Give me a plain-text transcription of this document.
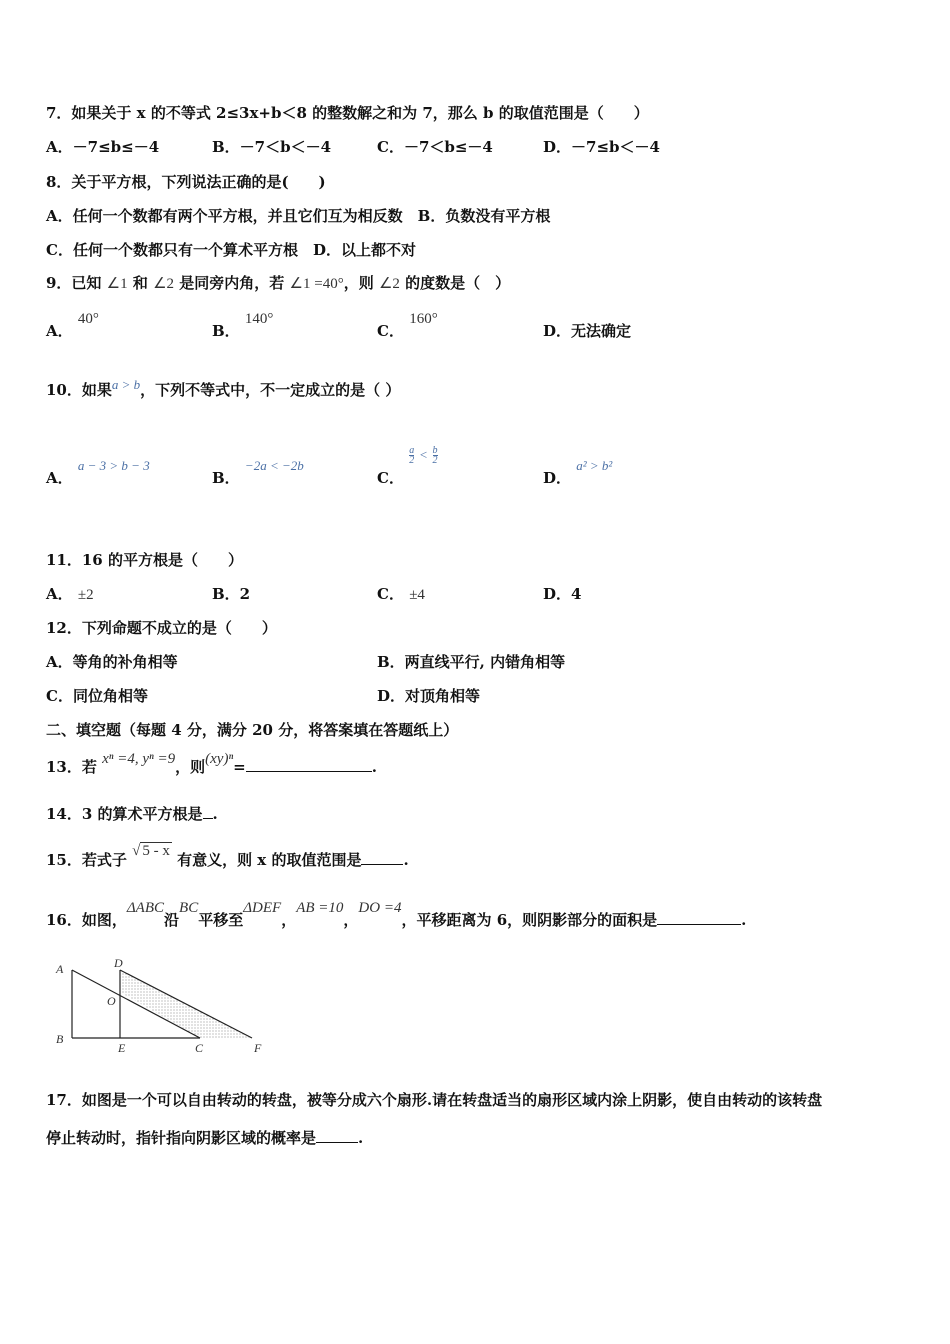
7．如果关于 x 的不等式 2≤3x+b＜8 的整数解之和为 7，那么 b 的取值范围是（　　）
A．－7≤b≤－4	B．－7＜b＜－4	C．－7＜b≤－4	D．－7≤b＜－4
8．关于平方根，下列说法正确的是(　　)
A．任何一个数都有两个平方根，并且它们互为相反数　B．负数没有平方根
C．任何一个数都只有一个算术平方根　D．以上都不对
9．已知 ∠1 和 ∠2 是同旁内角，若 ∠1 =40°，则 ∠2 的度数是（　）
A． 40°
B． 140°
C． 160°
D．无法确定
10．如果a > b，下列不等式中，不一定成立的是（ ）
A． a − 3 > b − 3
B． −2a < −2b
C．
$\frac{a}{2} < \frac{b}{2}$
D． a² > b²
11．16 的平方根是（　　）
A． ±2	B．2	C． ±4	D．4
12．下列命题不成立的是（　　）
A．等角的补角相等	B．两直线平行, 内错角相等
C．同位角相等	D．对顶角相等
二、填空题（每题 4 分，满分 20 分，将答案填在答题纸上）
13．若 xⁿ =4, yⁿ =9，则(xy)ⁿ=	.
14．3 的算术平方根是 .
15．若式子 √ 5 - x 有意义，则 x 的取值范围是	.
16．如图，ΔABC沿BC平移至ΔDEF，AB =10，DO =4，平移距离为 6，则阴影部分的面积是	.
A
B
D
O
E	C	F
17．如图是一个可以自由转动的转盘，被等分成六个扇形.请在转盘适当的扇形区域内涂上阴影，使自由转动的该转盘
停止转动时，指针指向阴影区域的概率是	.
